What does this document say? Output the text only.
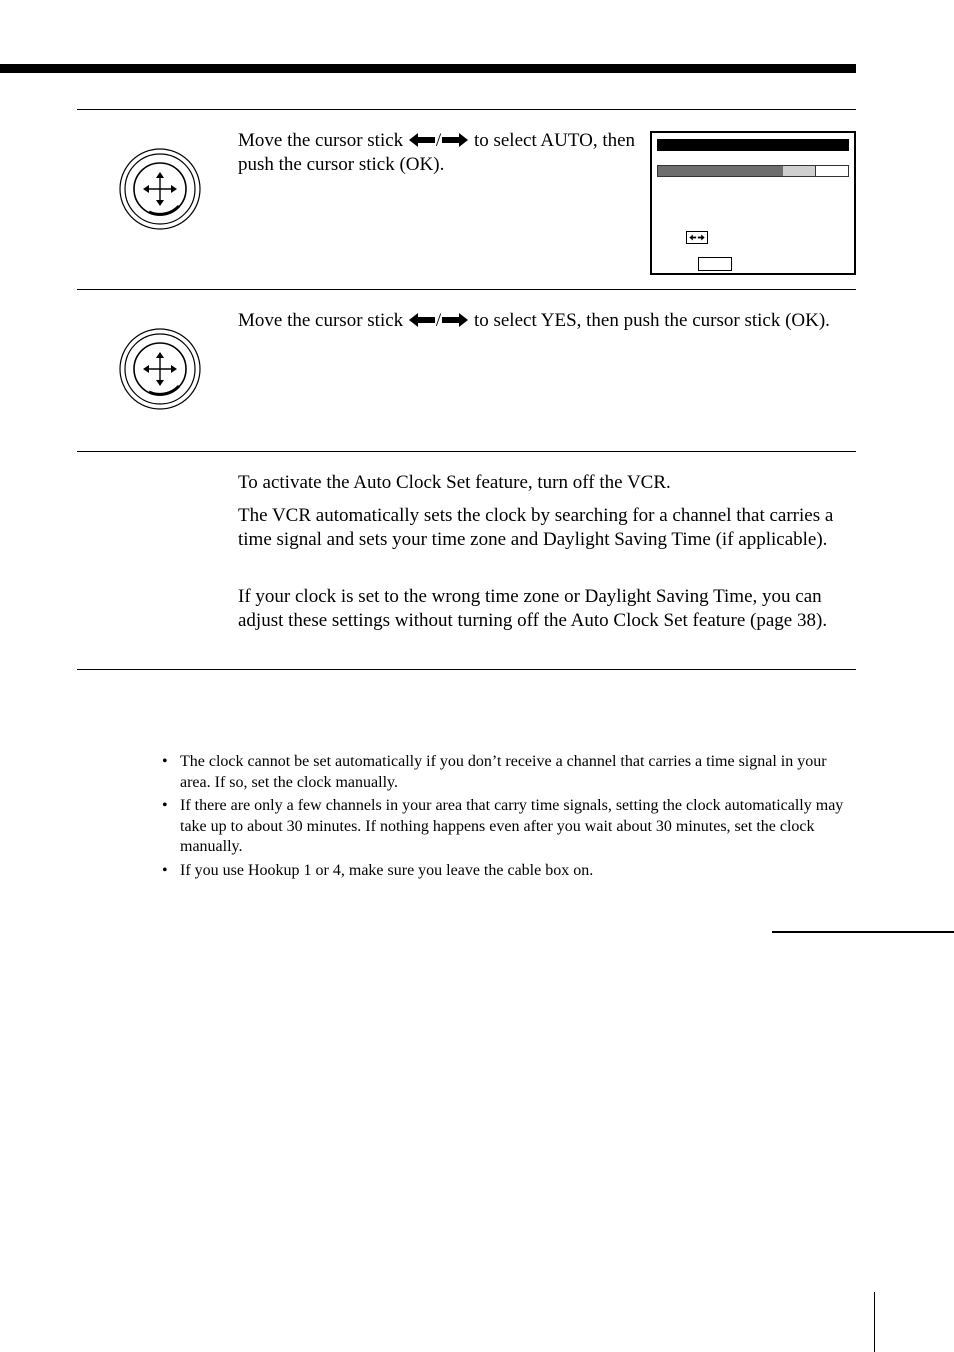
Move the cursor stick / to select AUTO, then push the cursor stick (OK).

Move the cursor stick / to select YES, then push the cursor stick (OK).

To activate the Auto Clock Set feature, turn off the VCR.

The VCR automatically sets the clock by searching for a channel that carries a time signal and sets your time zone and Daylight Saving Time (if applicable).

If your clock is set to the wrong time zone or Daylight Saving Time, you can adjust these settings without turning off the Auto Clock Set feature (page 38).

• The clock cannot be set automatically if you don’t receive a channel that carries a time signal in your area. If so, set the clock manually.
• If there are only a few channels in your area that carry time signals, setting the clock automatically may take up to about 30 minutes. If nothing happens even after you wait about 30 minutes, set the clock manually.
• If you use Hookup 1 or 4, make sure you leave the cable box on.
